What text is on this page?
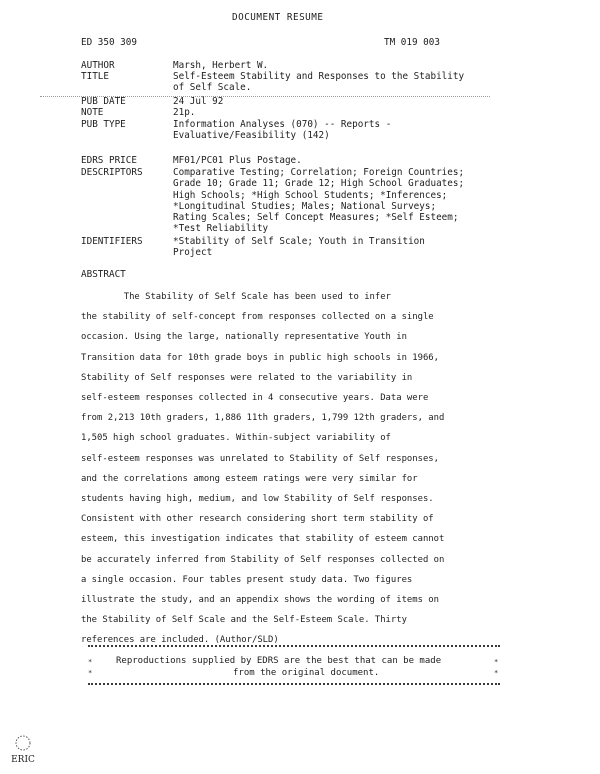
DOCUMENT RESUME
ED 350 309	TM 019 003
AUTHOR	Marsh, Herbert W.
TITLE	Self-Esteem Stability and Responses to the Stability
of Self Scale.
PUB DATE	24 Jul 92
NOTE	21p.
PUB TYPE	Information Analyses (070) -- Reports -
Evaluative/Feasibility (142)
EDRS PRICE	MF01/PC01 Plus Postage.
DESCRIPTORS	Comparative Testing; Correlation; Foreign Countries;
Grade 10; Grade 11; Grade 12; High School Graduates;
High Schools; *High School Students; *Inferences;
*Longitudinal Studies; Males; National Surveys;
Rating Scales; Self Concept Measures; *Self Esteem;
*Test Reliability
IDENTIFIERS	*Stability of Self Scale; Youth in Transition
Project
ABSTRACT

The Stability of Self Scale has been used to infer

the stability of self-concept from responses collected on a single

occasion. Using the large, nationally representative Youth in

Transition data for 10th grade boys in public high schools in 1966,

Stability of Self responses were related to the variability in

self-esteem responses collected in 4 consecutive years. Data were

from 2,213 10th graders, 1,886 11th graders, 1,799 12th graders, and

1,505 high school graduates. Within-subject variability of

self-esteem responses was unrelated to Stability of Self responses,

and the correlations among esteem ratings were very similar for

students having high, medium, and low Stability of Self responses.

Consistent with other research considering short term stability of

esteem, this investigation indicates that stability of esteem cannot

be accurately inferred from Stability of Self responses collected on

a single occasion. Four tables present study data. Two figures

illustrate the study, and an appendix shows the wording of items on

the Stability of Self Scale and the Self-Esteem Scale. Thirty

references are included. (Author/SLD)

*	*
Reproductions supplied by EDRS are the best that can be made
*	*
from the original document.
ERIC
